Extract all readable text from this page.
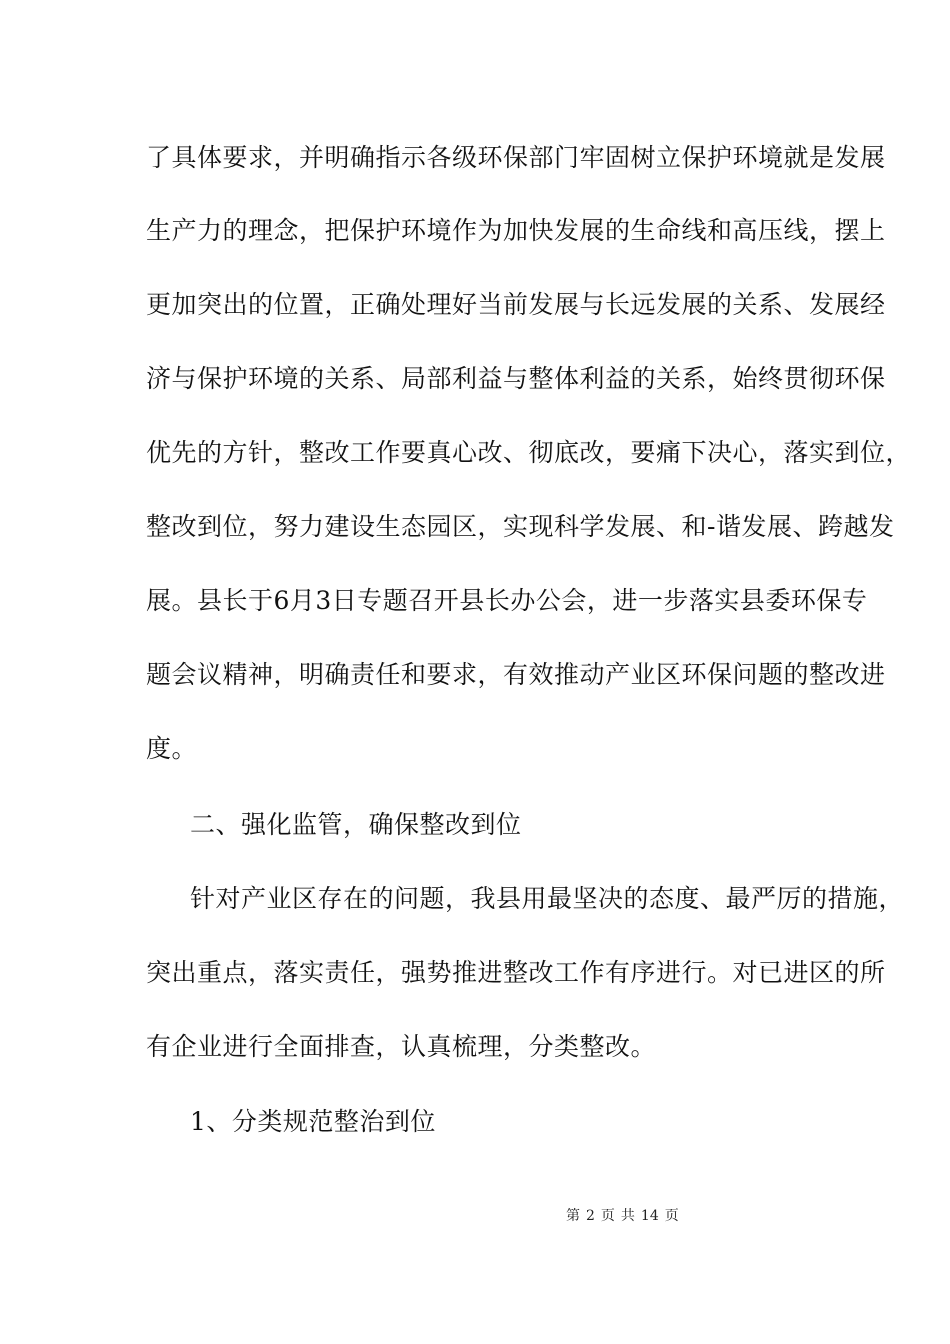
了具体要求，并明确指示各级环保部门牢固树立保护环境就是发展
生产力的理念，把保护环境作为加快发展的生命线和高压线，摆上
更加突出的位置，正确处理好当前发展与长远发展的关系、发展经
济与保护环境的关系、局部利益与整体利益的关系，始终贯彻环保
优先的方针，整改工作要真心改、彻底改，要痛下决心，落实到位，
整改到位，努力建设生态园区，实现科学发展、和-谐发展、跨越发
展。县长于6月3日专题召开县长办公会，进一步落实县委环保专
题会议精神，明确责任和要求，有效推动产业区环保问题的整改进
度。
二、强化监管，确保整改到位
针对产业区存在的问题，我县用最坚决的态度、最严厉的措施，
突出重点，落实责任，强势推进整改工作有序进行。对已进区的所
有企业进行全面排查，认真梳理，分类整改。
1、分类规范整治到位
第 2 页 共 14 页
